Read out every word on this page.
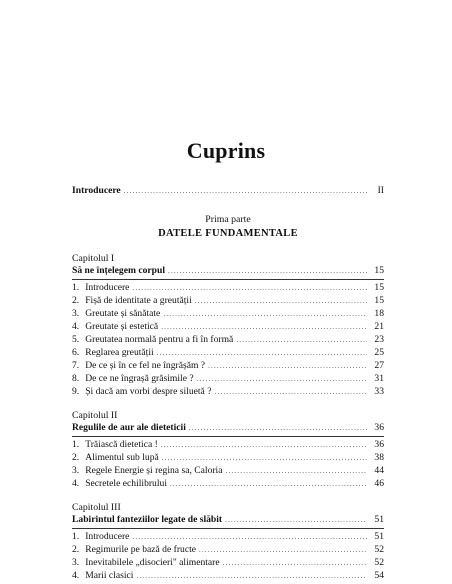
Cuprins
Introducere .....	II
Prima parte
DATELE FUNDAMENTALE
Capitolul I
Să ne înțelegem corpul .....	15
1. Introducere .....	15
2. Fișă de identitate a greutății .....	15
3. Greutate și sănătate .....	18
4. Greutate și estetică .....	21
5. Greutatea normală pentru a fi în formă .....	23
6. Reglarea greutății .....	25
7. De ce și în ce fel ne îngrășăm ? .....	27
8. De ce ne îngrașă grăsimile ? .....	31
9. Și dacă am vorbi despre siluetă ? .....	33
Capitolul II
Regulile de aur ale dieteticii .....	36
1. Trăiască dietetica ! .....	36
2. Alimentul sub lupă .....	38
3. Regele Energie și regina sa, Caloria .....	44
4. Secretele echilibrului .....	46
Capitolul III
Labirintul fanteziilor legate de slăbit .....	51
1. Introducere .....	51
2. Regimurile pe bază de fructe .....	52
3. Inevitabilele „disocieri" alimentare .....	52
4. Marii clasici .....	54
